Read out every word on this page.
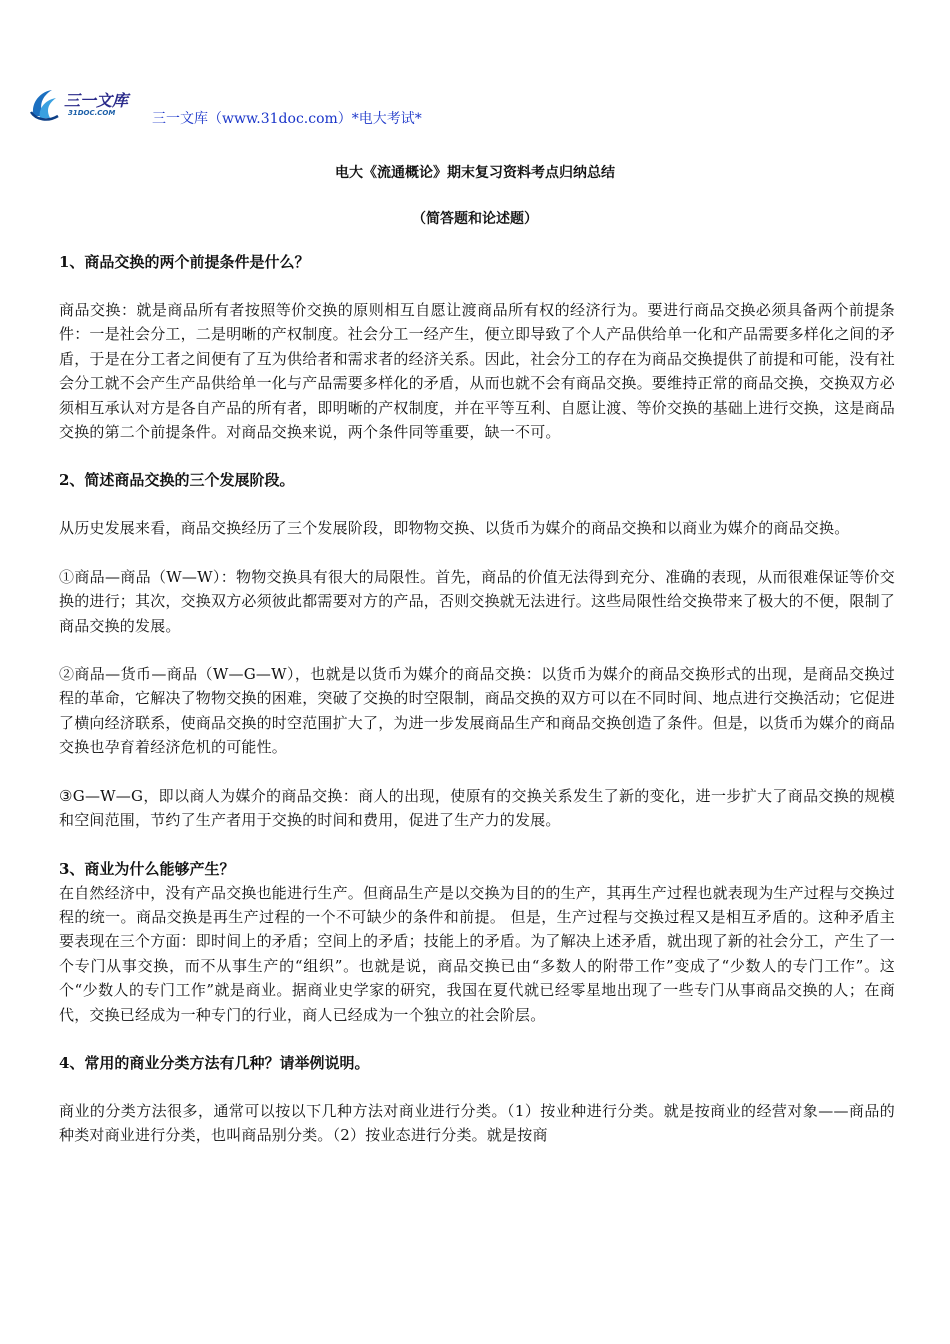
三一文库
31DOC.COM	三一文库（www.31doc.com）*电大考试*
电大《流通概论》期末复习资料考点归纳总结
（简答题和论述题）

1、商品交换的两个前提条件是什么？

商品交换：就是商品所有者按照等价交换的原则相互自愿让渡商品所有权的经济行为。要进行商品交换必须具备两个前提条件：一是社会分工，二是明晰的产权制度。社会分工一经产生，便立即导致了个人产品供给单一化和产品需要多样化之间的矛盾，于是在分工者之间便有了互为供给者和需求者的经济关系。因此，社会分工的存在为商品交换提供了前提和可能，没有社会分工就不会产生产品供给单一化与产品需要多样化的矛盾，从而也就不会有商品交换。要维持正常的商品交换，交换双方必须相互承认对方是各自产品的所有者，即明晰的产权制度，并在平等互利、自愿让渡、等价交换的基础上进行交换，这是商品交换的第二个前提条件。对商品交换来说，两个条件同等重要，缺一不可。

2、简述商品交换的三个发展阶段。

从历史发展来看，商品交换经历了三个发展阶段，即物物交换、以货币为媒介的商品交换和以商业为媒介的商品交换。

①商品—商品（W—W）：物物交换具有很大的局限性。首先，商品的价值无法得到充分、准确的表现，从而很难保证等价交换的进行；其次，交换双方必须彼此都需要对方的产品，否则交换就无法进行。这些局限性给交换带来了极大的不便，限制了商品交换的发展。

②商品—货币—商品（W—G—W），也就是以货币为媒介的商品交换：以货币为媒介的商品交换形式的出现，是商品交换过程的革命，它解决了物物交换的困难，突破了交换的时空限制，商品交换的双方可以在不同时间、地点进行交换活动；它促进了横向经济联系，使商品交换的时空范围扩大了，为进一步发展商品生产和商品交换创造了条件。但是，以货币为媒介的商品交换也孕育着经济危机的可能性。

③G—W—G，即以商人为媒介的商品交换：商人的出现，使原有的交换关系发生了新的变化，进一步扩大了商品交换的规模和空间范围，节约了生产者用于交换的时间和费用，促进了生产力的发展。

3、商业为什么能够产生？

在自然经济中，没有产品交换也能进行生产。但商品生产是以交换为目的的生产，其再生产过程也就表现为生产过程与交换过程的统一。商品交换是再生产过程的一个不可缺少的条件和前提。 但是，生产过程与交换过程又是相互矛盾的。这种矛盾主要表现在三个方面：即时间上的矛盾；空间上的矛盾；技能上的矛盾。为了解决上述矛盾，就出现了新的社会分工，产生了一个专门从事交换，而不从事生产的“组织”。也就是说，商品交换已由“多数人的附带工作”变成了“少数人的专门工作”。这个“少数人的专门工作”就是商业。据商业史学家的研究，我国在夏代就已经零星地出现了一些专门从事商品交换的人；在商代，交换已经成为一种专门的行业，商人已经成为一个独立的社会阶层。

4、常用的商业分类方法有几种？请举例说明。

商业的分类方法很多，通常可以按以下几种方法对商业进行分类。（1）按业种进行分类。就是按商业的经营对象——商品的种类对商业进行分类，也叫商品别分类。（2）按业态进行分类。就是按商
